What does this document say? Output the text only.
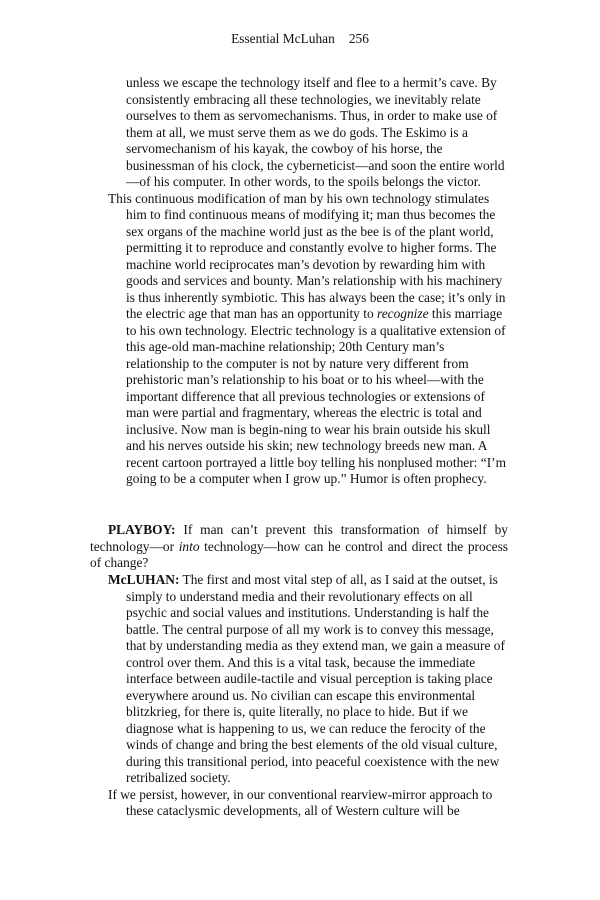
Essential McLuhan 256

unless we escape the technology itself and flee to a hermit’s cave. By consistently embracing all these technologies, we inevitably relate ourselves to them as servomechanisms. Thus, in order to make use of them at all, we must serve them as we do gods. The Eskimo is a servomechanism of his kayak, the cowboy of his horse, the businessman of his clock, the cyberneticist—and soon the entire world—of his computer. In other words, to the spoils belongs the victor.

This continuous modification of man by his own technology stimulates him to find continuous means of modifying it; man thus becomes the sex organs of the machine world just as the bee is of the plant world, permitting it to reproduce and constantly evolve to higher forms. The machine world reciprocates man’s devotion by rewarding him with goods and services and bounty. Man’s relationship with his machinery is thus inherently symbiotic. This has always been the case; it’s only in the electric age that man has an opportunity to recognize this marriage to his own technology. Electric technology is a qualitative extension of this age-old man-machine relationship; 20th Century man’s relationship to the computer is not by nature very different from prehistoric man’s relationship to his boat or to his wheel—with the important difference that all previous technologies or extensions of man were partial and fragmentary, whereas the electric is total and inclusive. Now man is begin-ning to wear his brain outside his skull and his nerves outside his skin; new technology breeds new man. A recent cartoon portrayed a little boy telling his nonplused mother: “I’m going to be a computer when I grow up.” Humor is often prophecy.

PLAYBOY: If man can’t prevent this transformation of himself by technology—or into technology—how can he control and direct the process of change?

McLUHAN: The first and most vital step of all, as I said at the outset, is simply to understand media and their revolutionary effects on all psychic and social values and institutions. Understanding is half the battle. The central purpose of all my work is to convey this message, that by understanding media as they extend man, we gain a measure of control over them. And this is a vital task, because the immediate interface between audile-tactile and visual perception is taking place everywhere around us. No civilian can escape this environmental blitzkrieg, for there is, quite literally, no place to hide. But if we diagnose what is happening to us, we can reduce the ferocity of the winds of change and bring the best elements of the old visual culture, during this transitional period, into peaceful coexistence with the new retribalized society.

If we persist, however, in our conventional rearview-mirror approach to these cataclysmic developments, all of Western culture will be
